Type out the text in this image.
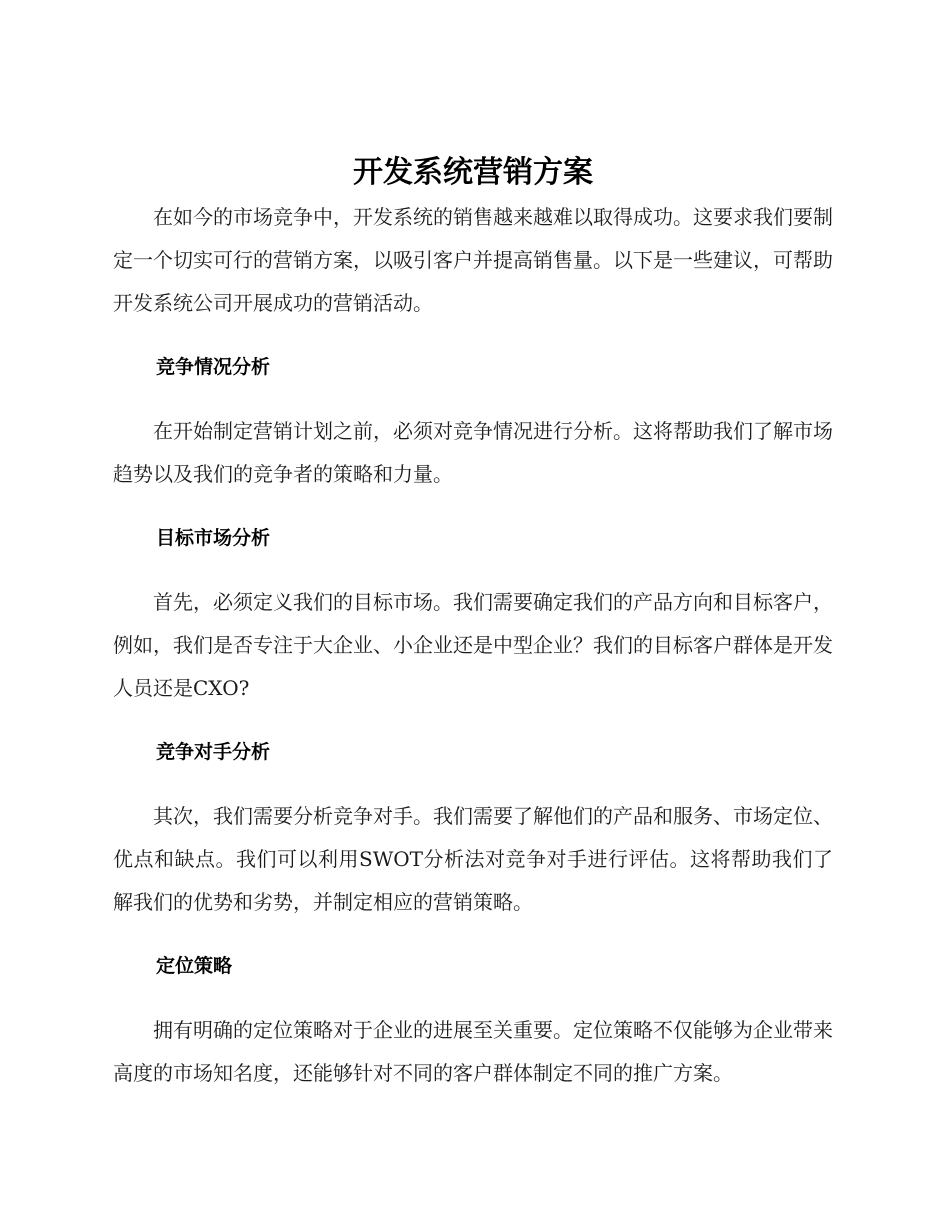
开发系统营销方案

在如今的市场竞争中，开发系统的销售越来越难以取得成功。这要求我们要制定一个切实可行的营销方案，以吸引客户并提高销售量。以下是一些建议，可帮助开发系统公司开展成功的营销活动。

竞争情况分析

在开始制定营销计划之前，必须对竞争情况进行分析。这将帮助我们了解市场趋势以及我们的竞争者的策略和力量。

目标市场分析

首先，必须定义我们的目标市场。我们需要确定我们的产品方向和目标客户，例如，我们是否专注于大企业、小企业还是中型企业？我们的目标客户群体是开发人员还是CXO?

竞争对手分析

其次，我们需要分析竞争对手。我们需要了解他们的产品和服务、市场定位、优点和缺点。我们可以利用SWOT分析法对竞争对手进行评估。这将帮助我们了解我们的优势和劣势，并制定相应的营销策略。

定位策略

拥有明确的定位策略对于企业的进展至关重要。定位策略不仅能够为企业带来高度的市场知名度，还能够针对不同的客户群体制定不同的推广方案。
